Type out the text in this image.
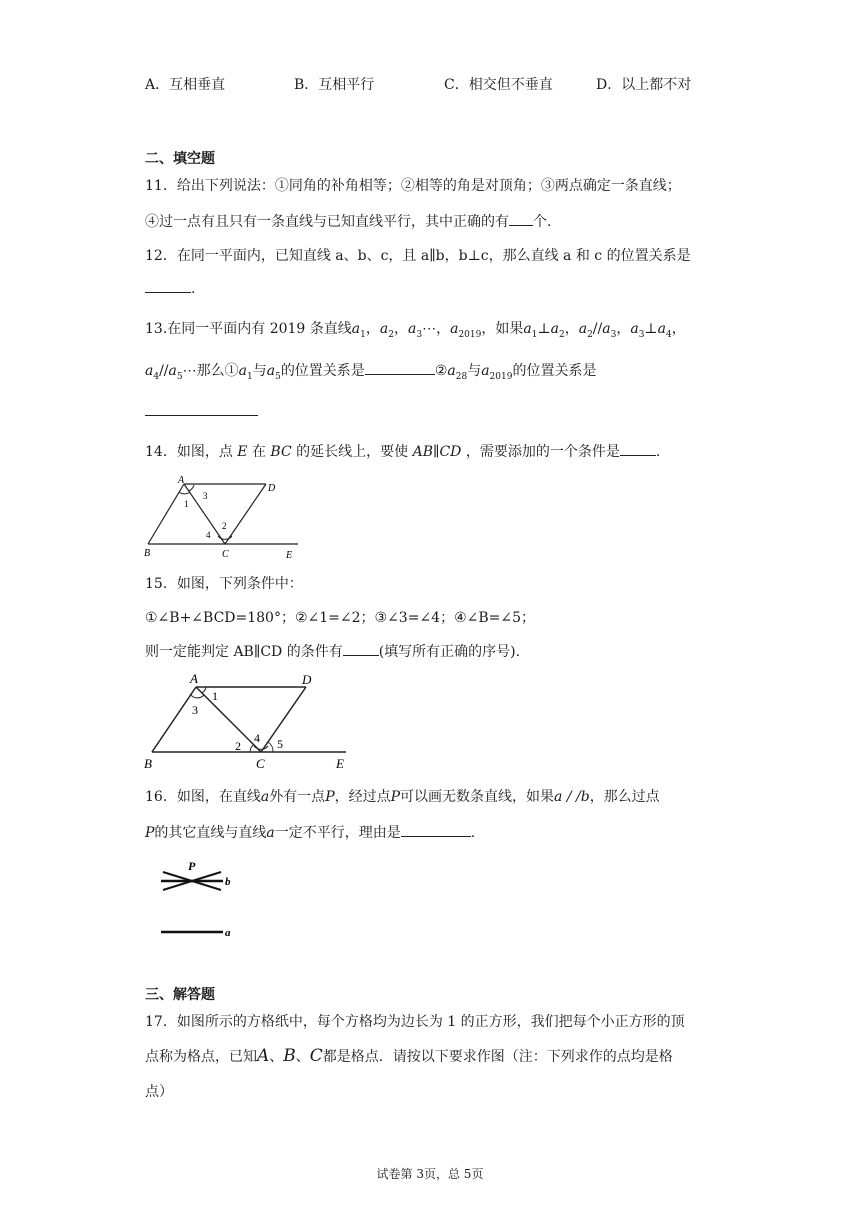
A．互相垂直	B．互相平行	C．相交但不垂直	D．以上都不对
二、填空题
11．给出下列说法：①同角的补角相等；②相等的角是对顶角；③两点确定一条直线；
④过一点有且只有一条直线与已知直线平行，其中正确的有 个.
12．在同一平面内，已知直线 a、b、c，且 a∥b，b⊥c，那么直线 a 和 c 的位置关系是
.
13.在同一平面内有 2019 条直线$a_1$，$a_2$，$a_3\cdots$，$a_{2019}$，如果$a_1\perp a_2$，$a_2//a_3$，$a_3\perp a_4$，
$a_4//a_5\cdots$那么$①a_1$与$a_5$的位置关系是	$②a_{28}$与$a_{2019}$的位置关系是
14．如图，点 E 在 BC 的延长线上，要使 AB∥CD ，需要添加的一个条件是	.
A
B	C
D
E
1
3
2
4
15．如图，下列条件中：
①∠B+∠BCD=180°；②∠1=∠2；③∠3=∠4；④∠B=∠5；
则一定能判定 AB∥CD 的条件有	(填写所有正确的序号).
A
B	C
D
E
1
3
2
4 5
16．如图，在直线a外有一点P，经过点P可以画无数条直线，如果a / /b，那么过点
P的其它直线与直线a一定不平行，理由是	.
P
b
a
三、解答题
17．如图所示的方格纸中，每个方格均为边长为 1 的正方形，我们把每个小正方形的顶
点称为格点，已知A、B、C都是格点．请按以下要求作图（注：下列求作的点均是格
点）
试卷第 3页，总 5页
